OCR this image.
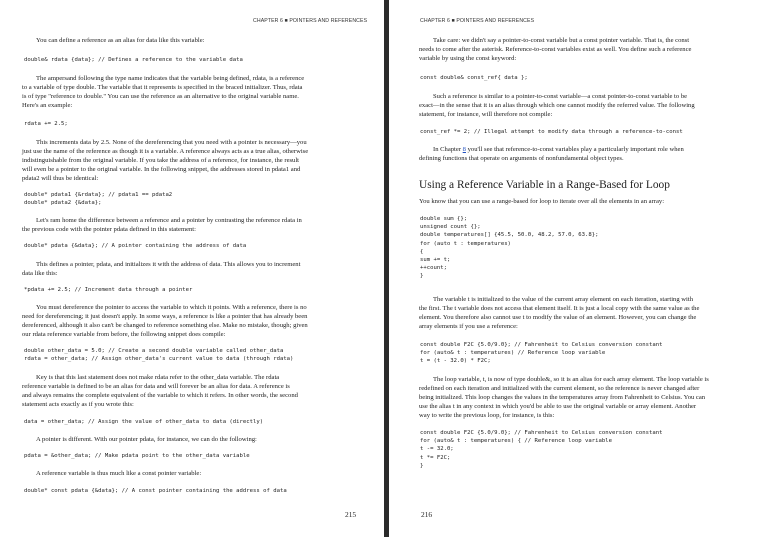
CHAPTER 6 ■ POINTERS AND REFERENCES
You can define a reference as an alias for data like this variable:
double& rdata {data}; // Defines a reference to the variable data
The ampersand following the type name indicates that the variable being defined, rdata, is a reference
to a variable of type double. The variable that it represents is specified in the braced initializer. Thus, rdata
is of type "reference to double." You can use the reference as an alternative to the original variable name.
Here's an example:
rdata += 2.5;
This increments data by 2.5. None of the dereferencing that you need with a pointer is necessary—you
just use the name of the reference as though it is a variable. A reference always acts as a true alias, otherwise
indistinguishable from the original variable. If you take the address of a reference, for instance, the result
will even be a pointer to the original variable. In the following snippet, the addresses stored in pdata1 and
pdata2 will thus be identical:
double* pdata1 {&rdata}; // pdata1 == pdata2
double* pdata2 {&data};
Let's ram home the difference between a reference and a pointer by contrasting the reference rdata in
the previous code with the pointer pdata defined in this statement:
double* pdata {&data}; // A pointer containing the address of data
This defines a pointer, pdata, and initializes it with the address of data. This allows you to increment
data like this:
*pdata += 2.5; // Increment data through a pointer
You must dereference the pointer to access the variable to which it points. With a reference, there is no
need for dereferencing; it just doesn't apply. In some ways, a reference is like a pointer that has already been
dereferenced, although it also can't be changed to reference something else. Make no mistake, though; given
our rdata reference variable from before, the following snippet does compile:
double other_data = 5.0; // Create a second double variable called other_data
rdata = other_data; // Assign other_data's current value to data (through rdata)
Key is that this last statement does not make rdata refer to the other_data variable. The rdata
reference variable is defined to be an alias for data and will forever be an alias for data. A reference is
and always remains the complete equivalent of the variable to which it refers. In other words, the second
statement acts exactly as if you wrote this:
data = other_data; // Assign the value of other_data to data (directly)
A pointer is different. With our pointer pdata, for instance, we can do the following:
pdata = &other_data; // Make pdata point to the other_data variable
A reference variable is thus much like a const pointer variable:
double* const pdata {&data}; // A const pointer containing the address of data
215
CHAPTER 6 ■ POINTERS AND REFERENCES
Take care: we didn't say a pointer-to-const variable but a const pointer variable. That is, the const
needs to come after the asterisk. Reference-to-const variables exist as well. You define such a reference
variable by using the const keyword:
const double& const_ref{ data };
Such a reference is similar to a pointer-to-const variable—a const pointer-to-const variable to be
exact—in the sense that it is an alias through which one cannot modify the referred value. The following
statement, for instance, will therefore not compile:
const_ref *= 2; // Illegal attempt to modify data through a reference-to-const
In Chapter 8 you'll see that reference-to-const variables play a particularly important role when
defining functions that operate on arguments of nonfundamental object types.
Using a Reference Variable in a Range-Based for Loop
You know that you can use a range-based for loop to iterate over all the elements in an array:
double sum {};
unsigned count {};
double temperatures[] {45.5, 50.0, 48.2, 57.0, 63.8};
for (auto t : temperatures)
{
sum += t;
++count;
}
The variable t is initialized to the value of the current array element on each iteration, starting with
the first. The t variable does not access that element itself. It is just a local copy with the same value as the
element. You therefore also cannot use t to modify the value of an element. However, you can change the
array elements if you use a reference:
const double F2C {5.0/9.0}; // Fahrenheit to Celsius conversion constant
for (auto& t : temperatures) // Reference loop variable
t = (t - 32.0) * F2C;
The loop variable, t, is now of type double&, so it is an alias for each array element. The loop variable is
redefined on each iteration and initialized with the current element, so the reference is never changed after
being initialized. This loop changes the values in the temperatures array from Fahrenheit to Celsius. You can
use the alias t in any context in which you'd be able to use the original variable or array element. Another
way to write the previous loop, for instance, is this:
const double F2C {5.0/9.0}; // Fahrenheit to Celsius conversion constant
for (auto& t : temperatures) { // Reference loop variable
t -= 32.0;
t *= F2C;
}
216
